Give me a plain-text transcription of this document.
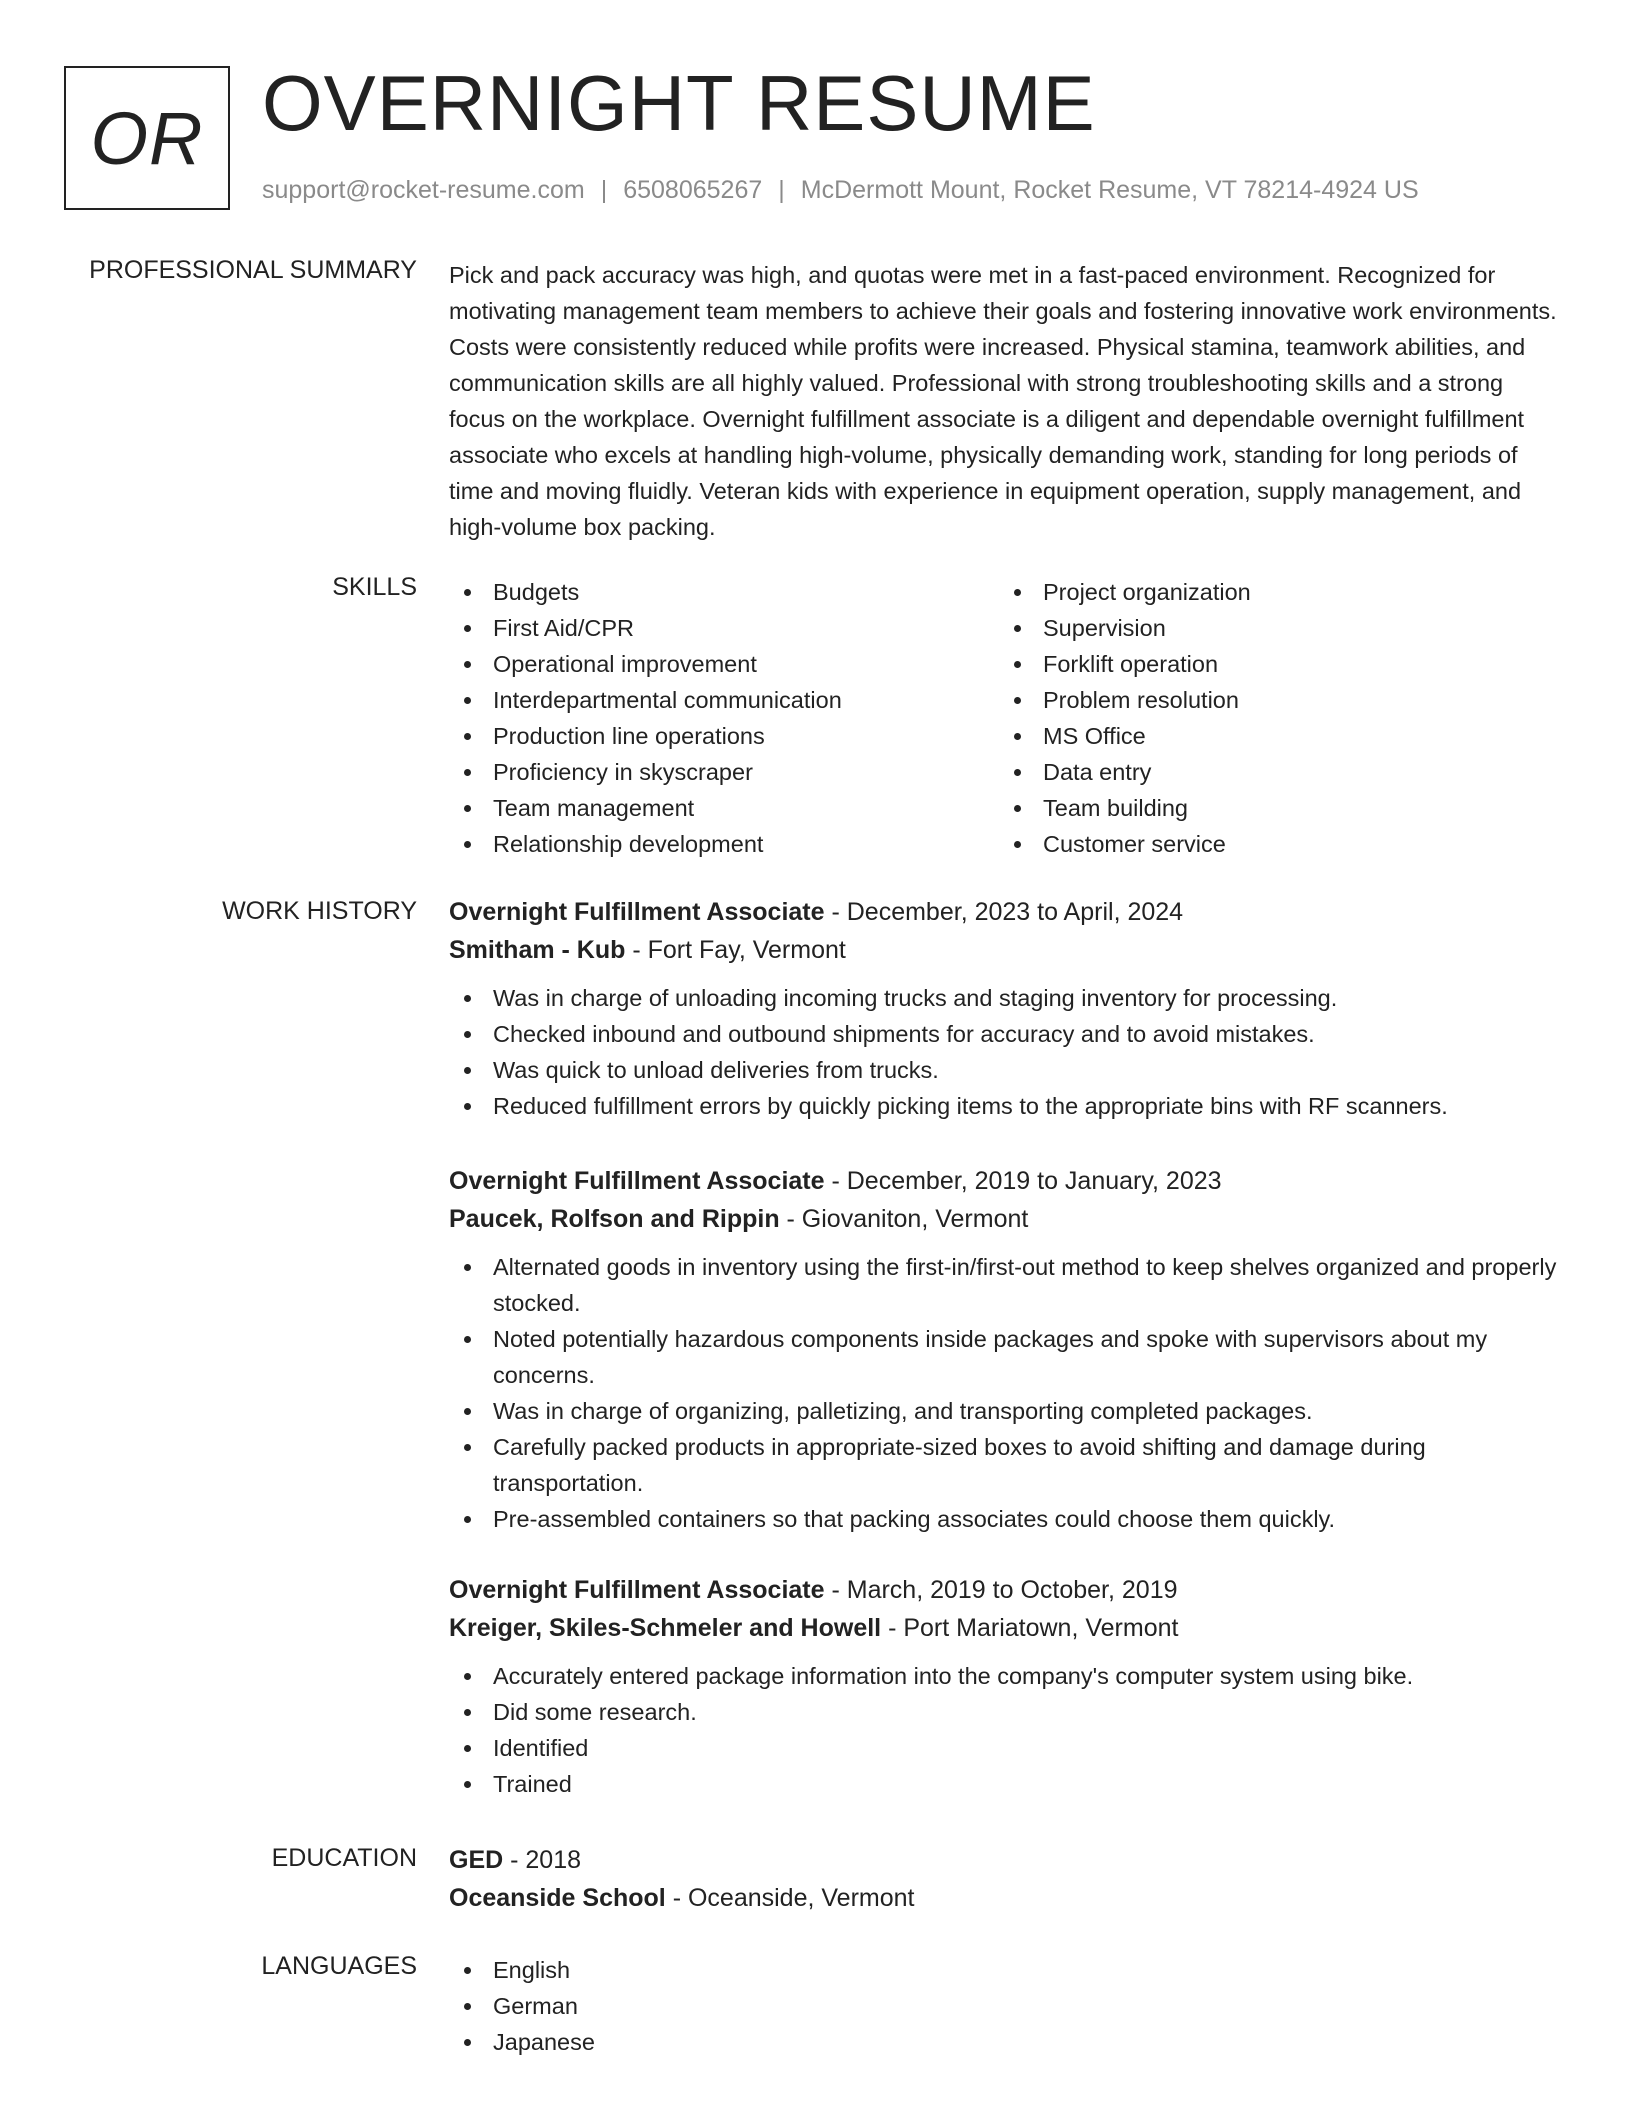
OR OVERNIGHT RESUME
support@rocket-resume.com | 6508065267 | McDermott Mount, Rocket Resume, VT 78214-4924 US
PROFESSIONAL SUMMARY Pick and pack accuracy was high, and quotas were met in a fast-paced environment. Recognized for motivating management team members to achieve their goals and fostering innovative work environments. Costs were consistently reduced while profits were increased. Physical stamina, teamwork abilities, and communication skills are all highly valued. Professional with strong troubleshooting skills and a strong focus on the workplace. Overnight fulfillment associate is a diligent and dependable overnight fulfillment associate who excels at handling high-volume, physically demanding work, standing for long periods of time and moving fluidly. Veteran kids with experience in equipment operation, supply management, and high-volume box packing.
SKILLS	Budgets
First Aid/CPR
Operational improvement
Interdepartmental communication
Production line operations
Proficiency in skyscraper
Team management
Relationship development
Project organization
Supervision
Forklift operation
Problem resolution
MS Office
Data entry
Team building
Customer service
WORK HISTORY Overnight Fulfillment Associate - December, 2023 to April, 2024
Smitham - Kub - Fort Fay, Vermont
Was in charge of unloading incoming trucks and staging inventory for processing.
Checked inbound and outbound shipments for accuracy and to avoid mistakes.
Was quick to unload deliveries from trucks.
Reduced fulfillment errors by quickly picking items to the appropriate bins with RF scanners.
Overnight Fulfillment Associate - December, 2019 to January, 2023
Paucek, Rolfson and Rippin - Giovaniton, Vermont
Alternated goods in inventory using the first-in/first-out method to keep shelves organized and properly stocked.
Noted potentially hazardous components inside packages and spoke with supervisors about my concerns.
Was in charge of organizing, palletizing, and transporting completed packages.
Carefully packed products in appropriate-sized boxes to avoid shifting and damage during transportation.
Pre-assembled containers so that packing associates could choose them quickly.
Overnight Fulfillment Associate - March, 2019 to October, 2019
Kreiger, Skiles-Schmeler and Howell - Port Mariatown, Vermont
Accurately entered package information into the company's computer system using bike.
Did some research.
Identified
Trained
EDUCATION GED - 2018
Oceanside School - Oceanside, Vermont
LANGUAGES	English
German
Japanese
